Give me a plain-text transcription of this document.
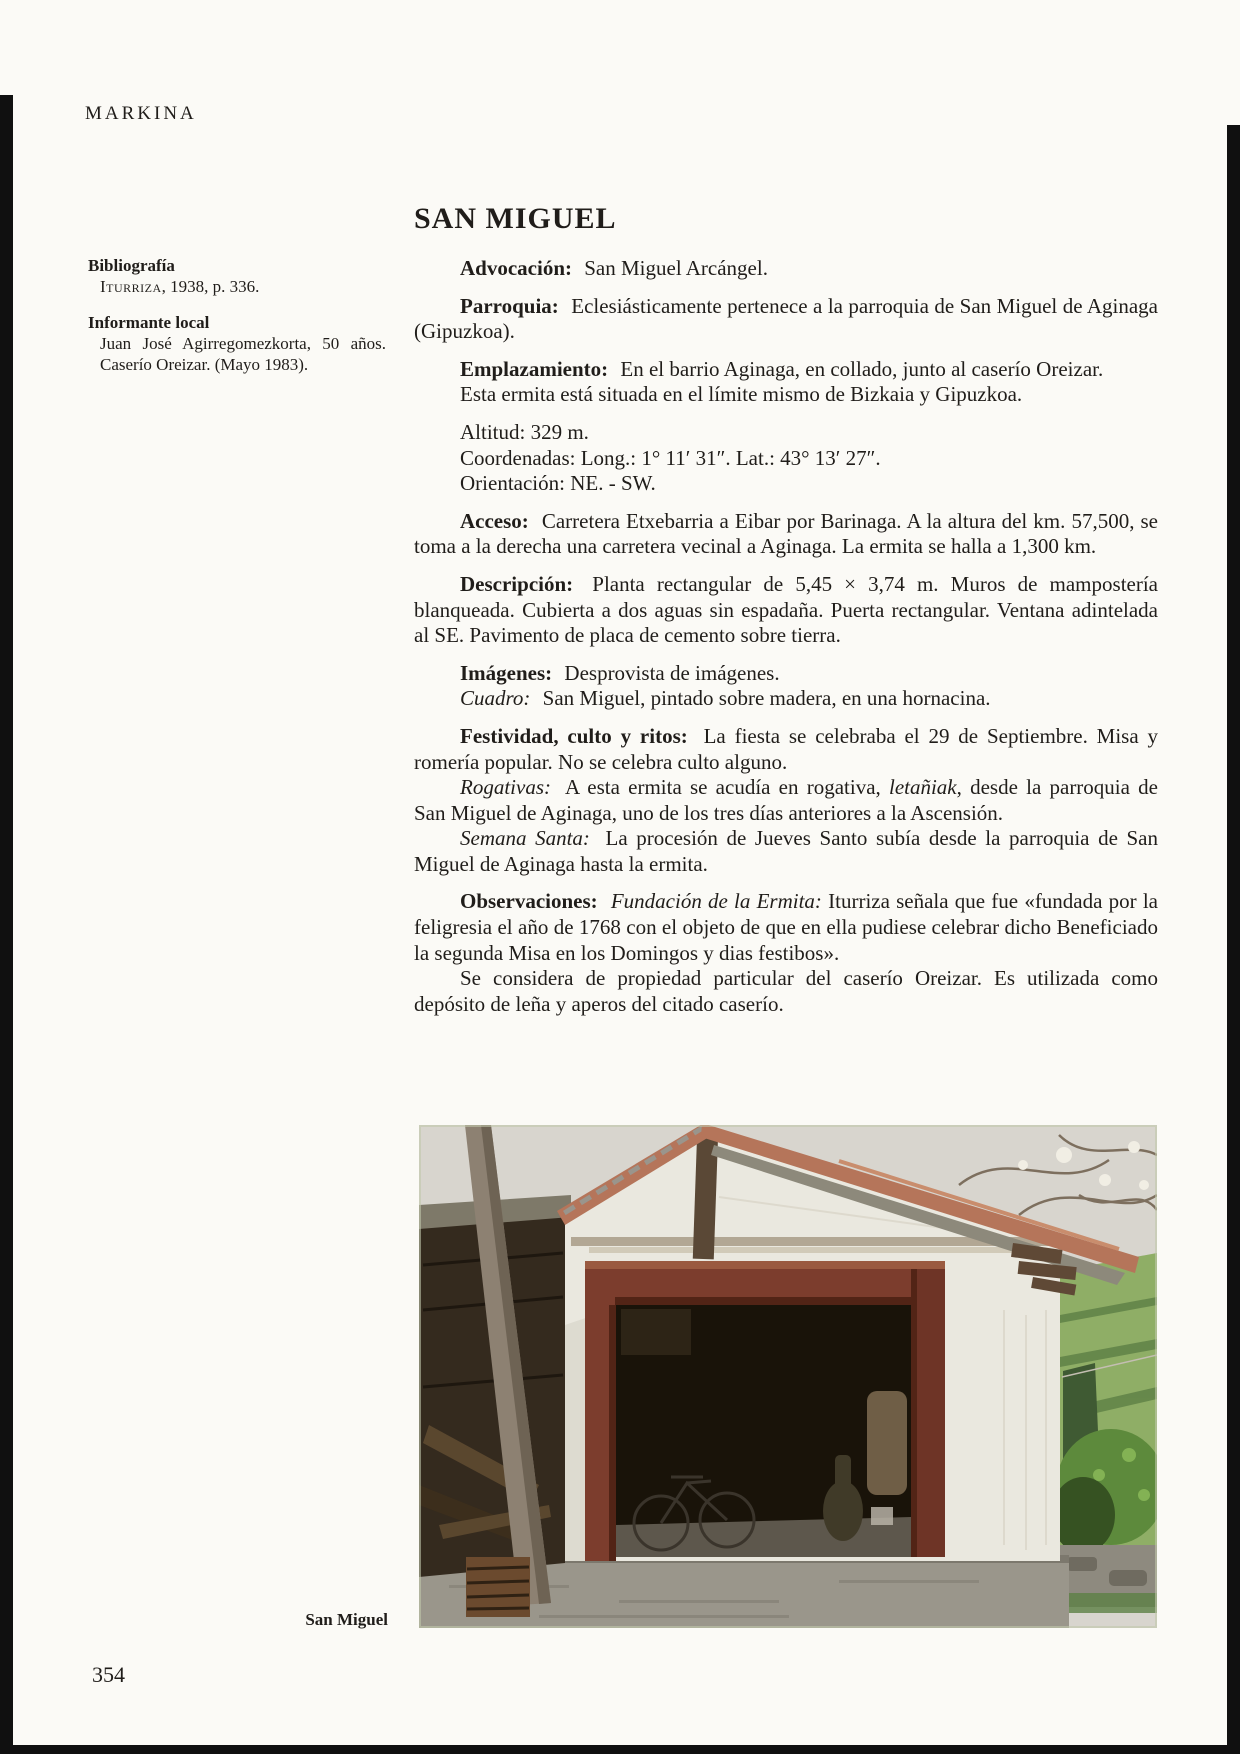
MARKINA
Bibliografía
Iturriza, 1938, p. 336.
Informante local
Juan José Agirregomezkorta, 50 años. Caserío Oreizar. (Mayo 1983).
SAN MIGUEL

Advocación: San Miguel Arcángel.

Parroquia: Eclesiásticamente pertenece a la parroquia de San Miguel de Aginaga (Gipuzkoa).

Emplazamiento: En el barrio Aginaga, en collado, junto al caserío Oreizar.

Esta ermita está situada en el límite mismo de Bizkaia y Gipuzkoa.

Altitud: 329 m.

Coordenadas: Long.: 1° 11′ 31″. Lat.: 43° 13′ 27″.

Orientación: NE. - SW.

Acceso: Carretera Etxebarria a Eibar por Barinaga. A la altura del km. 57,500, se toma a la derecha una carretera vecinal a Aginaga. La ermita se halla a 1,300 km.

Descripción: Planta rectangular de 5,45 × 3,74 m. Muros de mampostería blanqueada. Cubierta a dos aguas sin espadaña. Puerta rectangular. Ventana adintelada al SE. Pavimento de placa de cemento sobre tierra.

Imágenes: Desprovista de imágenes.

Cuadro: San Miguel, pintado sobre madera, en una hornacina.

Festividad, culto y ritos: La fiesta se celebraba el 29 de Septiembre. Misa y romería popular. No se celebra culto alguno.

Rogativas: A esta ermita se acudía en rogativa, letañiak, desde la parroquia de San Miguel de Aginaga, uno de los tres días anteriores a la Ascensión.

Semana Santa: La procesión de Jueves Santo subía desde la parroquia de San Miguel de Aginaga hasta la ermita.

Observaciones: Fundación de la Ermita: Iturriza señala que fue «fundada por la feligresia el año de 1768 con el objeto de que en ella pudiese celebrar dicho Beneficiado la segunda Misa en los Domingos y dias festibos».

Se considera de propiedad particular del caserío Oreizar. Es utilizada como depósito de leña y aperos del citado caserío.

San Miguel
354
